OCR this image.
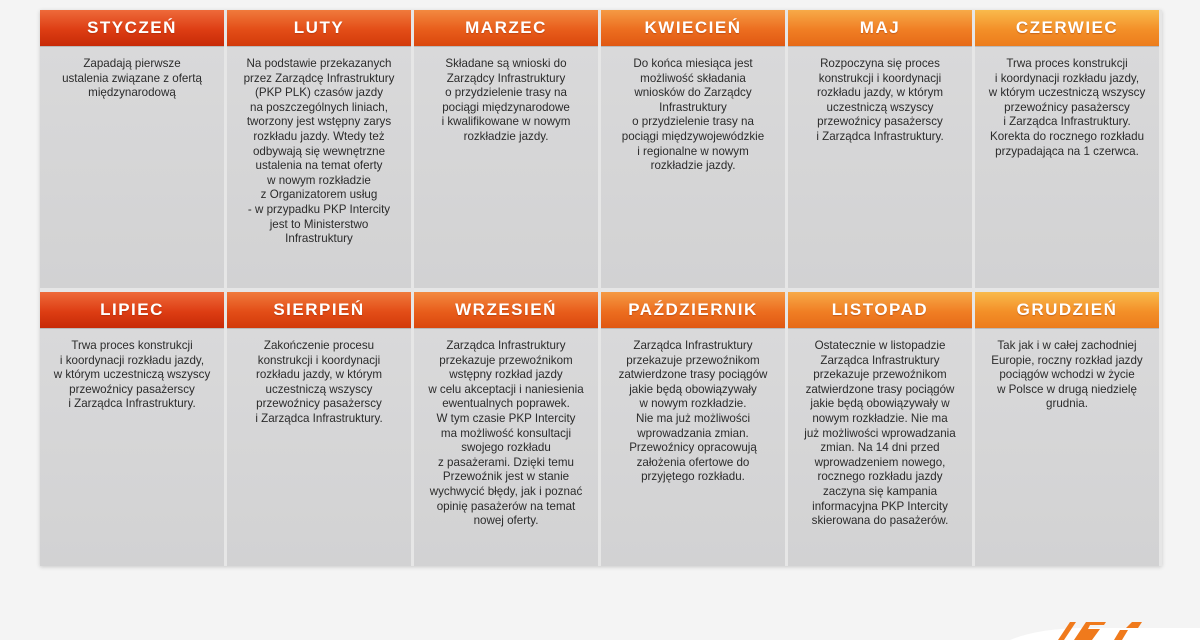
STYCZEŃ
Zapadają pierwsze
ustalenia związane z ofertą
międzynarodową
LUTY
Na podstawie przekazanych
przez Zarządcę Infrastruktury
(PKP PLK) czasów jazdy
na poszczególnych liniach,
tworzony jest wstępny zarys
rozkładu jazdy. Wtedy też
odbywają się wewnętrzne
ustalenia na temat oferty
w nowym rozkładzie
z Organizatorem usług
- w przypadku PKP Intercity
jest to Ministerstwo
Infrastruktury
MARZEC
Składane są wnioski do
Zarządcy Infrastruktury
o przydzielenie trasy na
pociągi międzynarodowe
i kwalifikowane w nowym
rozkładzie jazdy.
KWIECIEŃ
Do końca miesiąca jest
możliwość składania
wniosków do Zarządcy
Infrastruktury
o przydzielenie trasy na
pociągi międzywojewódzkie
i regionalne w nowym
rozkładzie jazdy.
MAJ
Rozpoczyna się proces
konstrukcji i koordynacji
rozkładu jazdy, w którym
uczestniczą wszyscy
przewoźnicy pasażerscy
i Zarządca Infrastruktury.
CZERWIEC
Trwa proces konstrukcji
i koordynacji rozkładu jazdy,
w którym uczestniczą wszyscy
przewoźnicy pasażerscy
i Zarządca Infrastruktury.
Korekta do rocznego rozkładu
przypadająca na 1 czerwca.
LIPIEC
Trwa proces konstrukcji
i koordynacji rozkładu jazdy,
w którym uczestniczą wszyscy
przewoźnicy pasażerscy
i Zarządca Infrastruktury.
SIERPIEŃ
Zakończenie procesu
konstrukcji i koordynacji
rozkładu jazdy, w którym
uczestniczą wszyscy
przewoźnicy pasażerscy
i Zarządca Infrastruktury.
WRZESIEŃ
Zarządca Infrastruktury
przekazuje przewoźnikom
wstępny rozkład jazdy
w celu akceptacji i naniesienia
ewentualnych poprawek.
W tym czasie PKP Intercity
ma możliwość konsultacji
swojego rozkładu
z pasażerami. Dzięki temu
Przewoźnik jest w stanie
wychwycić błędy, jak i poznać
opinię pasażerów na temat
nowej oferty.
PAŹDZIERNIK
Zarządca Infrastruktury
przekazuje przewoźnikom
zatwierdzone trasy pociągów
jakie będą obowiązywały
w nowym rozkładzie.
Nie ma już możliwości
wprowadzania zmian.
Przewoźnicy opracowują
założenia ofertowe do
przyjętego rozkładu.
LISTOPAD
Ostatecznie w listopadzie
Zarządca Infrastruktury
przekazuje przewoźnikom
zatwierdzone trasy pociągów
jakie będą obowiązywały w
nowym rozkładzie. Nie ma
już możliwości wprowadzania
zmian. Na 14 dni przed
wprowadzeniem nowego,
rocznego rozkładu jazdy
zaczyna się kampania
informacyjna PKP Intercity
skierowana do pasażerów.
GRUDZIEŃ
Tak jak i w całej zachodniej
Europie, roczny rozkład jazdy
pociągów wchodzi w życie
w Polsce w drugą niedzielę
grudnia.
